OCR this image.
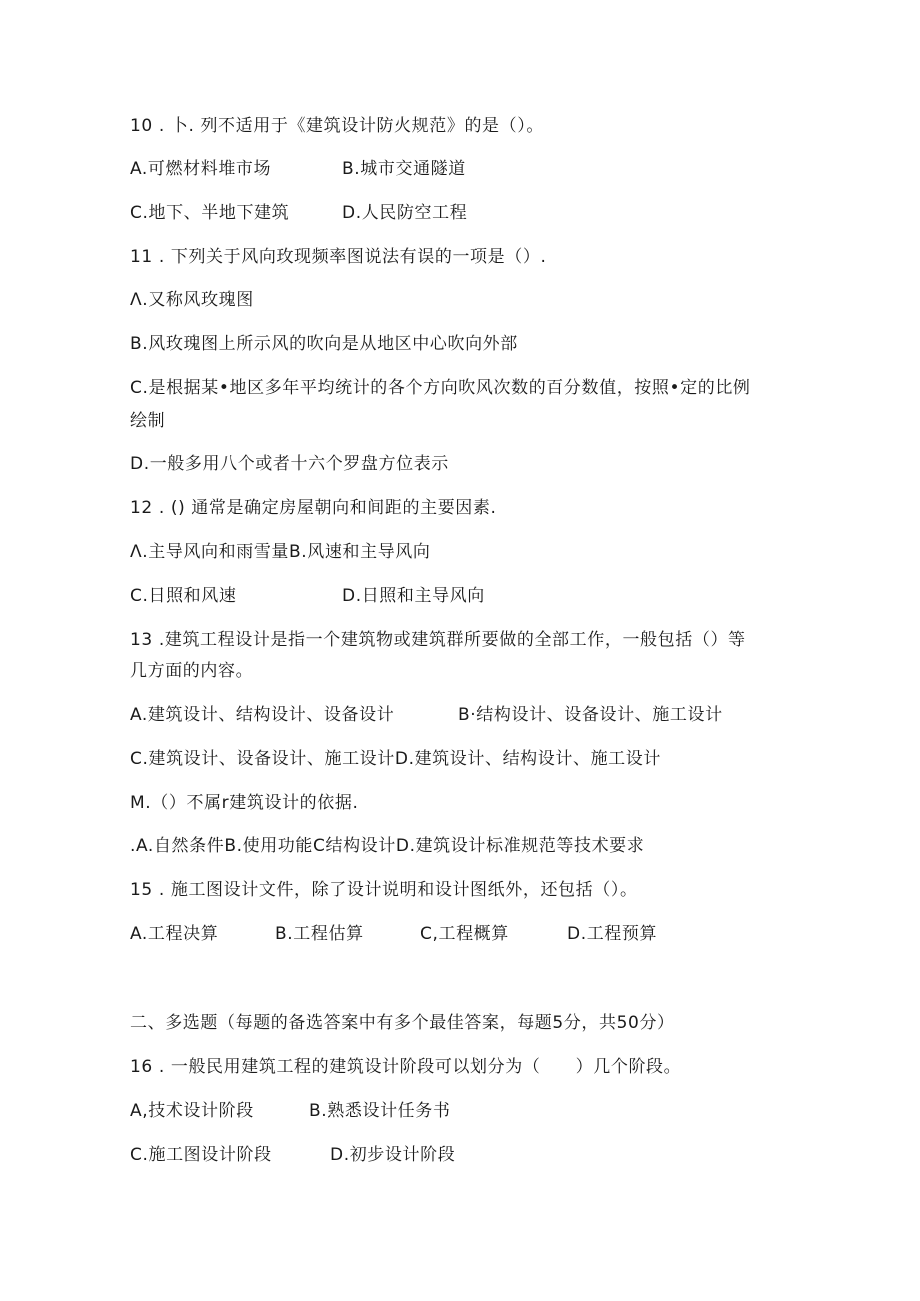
10 . 卜. 列不适用于《建筑设计防火规范》的是（）。
A.可燃材料堆市场	B.城市交通隧道
C.地下、半地下建筑	D.人民防空工程
11 . 下列关于风向玫现频率图说法有误的一项是（）.
Λ.又称风玫瑰图
B.风玫瑰图上所示风的吹向是从地区中心吹向外部
C.是根据某•地区多年平均统计的各个方向吹风次数的百分数值，按照•定的比例
绘制
D.一般多用八个或者十六个罗盘方位表示
12 . () 通常是确定房屋朝向和间距的主要因素.
Λ.主导风向和雨雪量B.风速和主导风向
C.日照和风速	D.日照和主导风向
13 .建筑工程设计是指一个建筑物或建筑群所要做的全部工作，一般包括（）等
几方面的内容。
A.建筑设计、结构设计、设备设计	B·结构设计、设备设计、施工设计
C.建筑设计、设备设计、施工设计D.建筑设计、结构设计、施工设计
M.（）不属r建筑设计的依据.
.A.自然条件B.使用功能C结构设计D.建筑设计标准规范等技术要求
15 . 施工图设计文件，除了设计说明和设计图纸外，还包括（）。
A.工程决算	B.工程估算	C,工程概算	D.工程预算
二、多选题（每题的备选答案中有多个最佳答案，每题5分，共50分）
16 . 一般民用建筑工程的建筑设计阶段可以划分为（　　）几个阶段。
A,技术设计阶段	B.熟悉设计任务书
C.施工图设计阶段	D.初步设计阶段
